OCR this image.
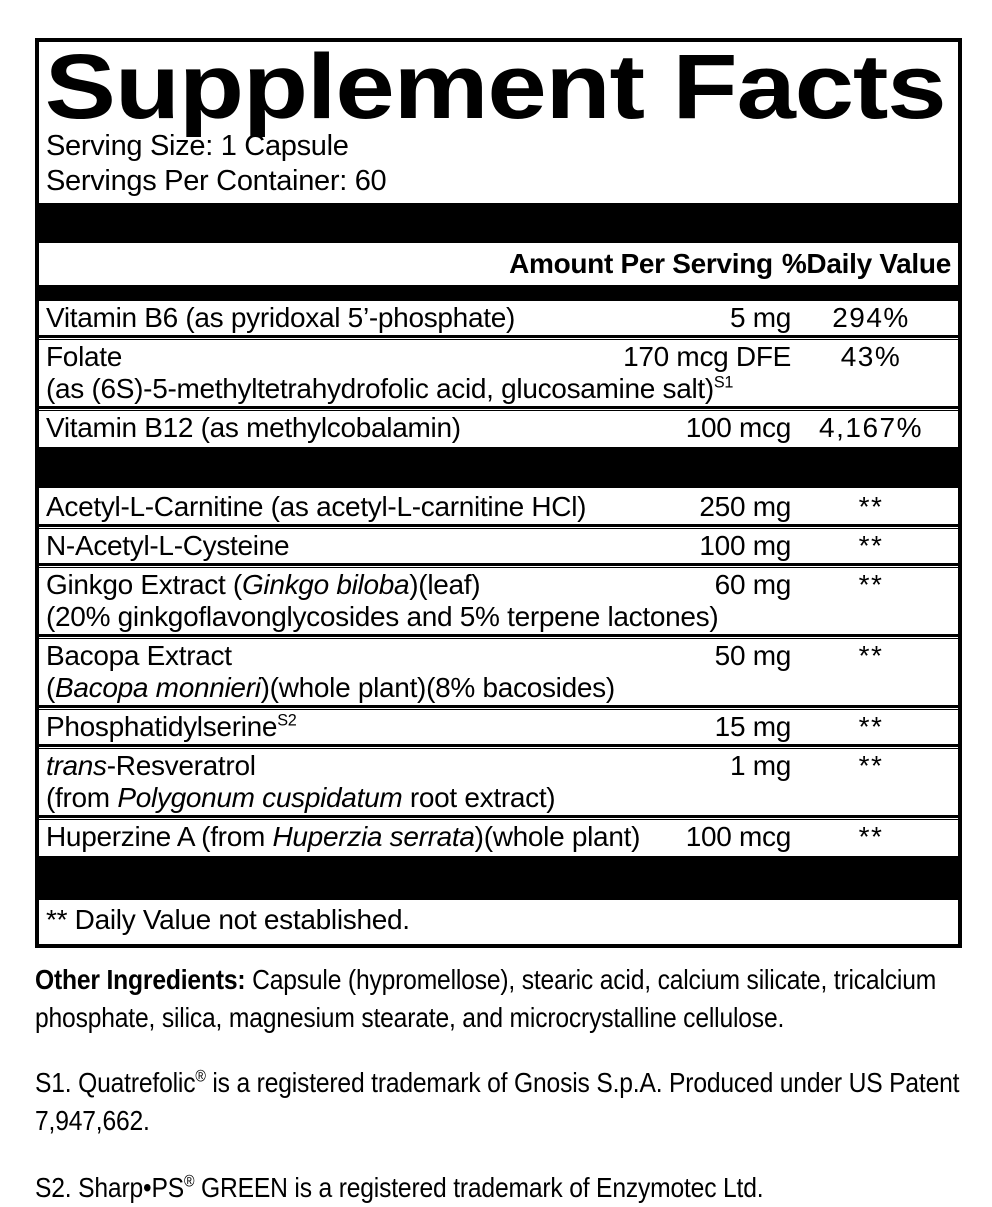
Supplement Facts
Serving Size: 1 Capsule
Servings Per Container: 60
Amount Per Serving %Daily Value
Vitamin B6 (as pyridoxal 5’-phosphate)	5 mg	294%
Folate	170 mcg DFE	43%
(as (6S)-5-methyltetrahydrofolic acid, glucosamine salt)$^{S1}$
Vitamin B12 (as methylcobalamin)	100 mcg	4,167%
Acetyl-L-Carnitine (as acetyl-L-carnitine HCl)	250 mg	**
N-Acetyl-L-Cysteine	100 mg	**
Ginkgo Extract (Ginkgo biloba)(leaf)	60 mg	**
(20% ginkgoflavonglycosides and 5% terpene lactones)
Bacopa Extract	50 mg	**
(Bacopa monnieri)(whole plant)(8% bacosides)
Phosphatidylserine$^{S2}$	15 mg	**
trans-Resveratrol	1 mg	**
(from Polygonum cuspidatum root extract)
Huperzine A (from Huperzia serrata)(whole plant)	100 mcg	**
** Daily Value not established.

Other Ingredients: Capsule (hypromellose), stearic acid, calcium silicate, tricalcium phosphate, silica, magnesium stearate, and microcrystalline cellulose.

S1. Quatrefolic® is a registered trademark of Gnosis S.p.A. Produced under US Patent 7,947,662.

S2. Sharp•PS® GREEN is a registered trademark of Enzymotec Ltd.
